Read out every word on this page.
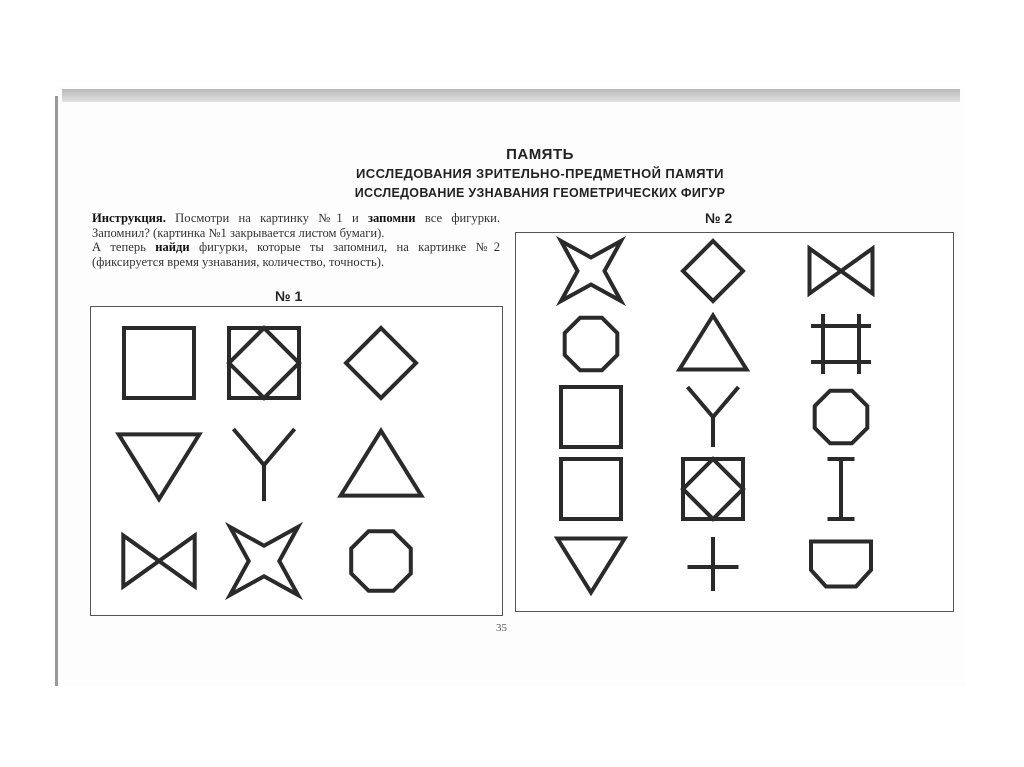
ПАМЯТЬ
ИССЛЕДОВАНИЯ ЗРИТЕЛЬНО-ПРЕДМЕТНОЙ ПАМЯТИ
ИССЛЕДОВАНИЕ УЗНАВАНИЯ ГЕОМЕТРИЧЕСКИХ ФИГУР
Инструкция. Посмотри на картинку №1 и запомни все фигурки. Запомнил? (картинка №1 закрывается листом бумаги).
А теперь найди фигурки, которые ты запомнил, на картинке №2 (фиксируется время узнавания, количество, точность).
№ 1
№ 2
35
